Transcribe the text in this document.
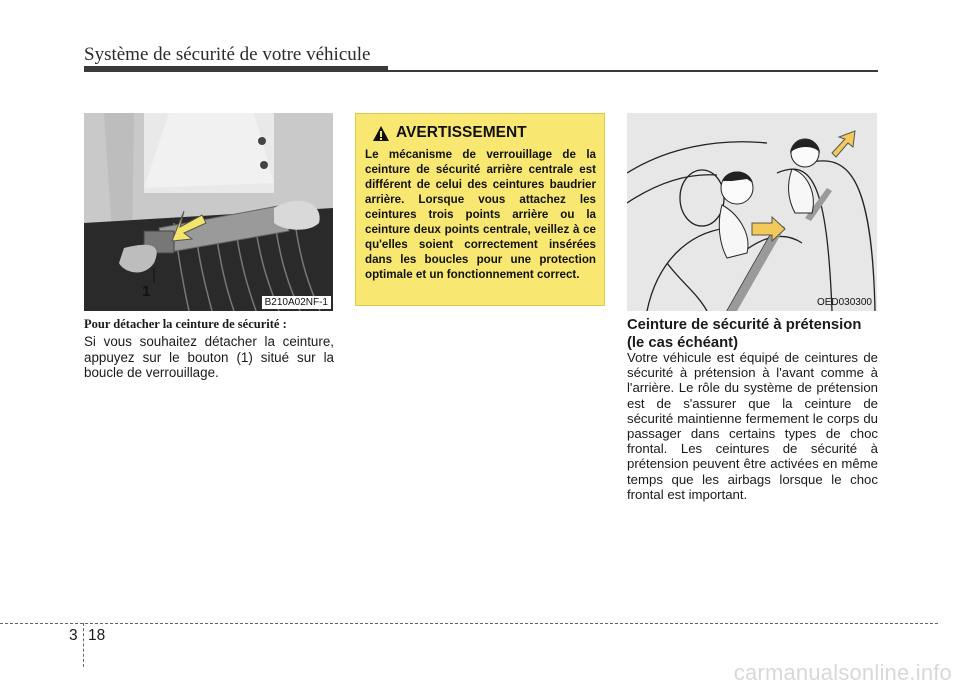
Système de sécurité de votre véhicule
1
B210A02NF-1
Pour détacher la ceinture de sécurité :
Si vous souhaitez détacher la ceinture, appuyez sur le bouton (1) situé sur la boucle de verrouillage.
AVERTISSEMENT
Le mécanisme de verrouillage de la ceinture de sécurité arrière centrale est différent de celui des ceintures baudrier arrière. Lorsque vous attachez les ceintures trois points arrière ou la ceinture deux points centrale, veillez à ce qu'elles soient correctement insérées dans les boucles pour une protection optimale et un fonctionnement correct.
OED030300
Ceinture de sécurité à prétension (le cas échéant)
Votre véhicule est équipé de ceintures de sécurité à prétension à l'avant comme à l'arrière. Le rôle du système de prétension est de s'assurer que la ceinture de sécurité maintienne fermement le corps du passager dans certains types de choc frontal. Les ceintures de sécurité à prétension peuvent être activées en même temps que les airbags lorsque le choc frontal est important.
3 18
carmanualsonline.info
